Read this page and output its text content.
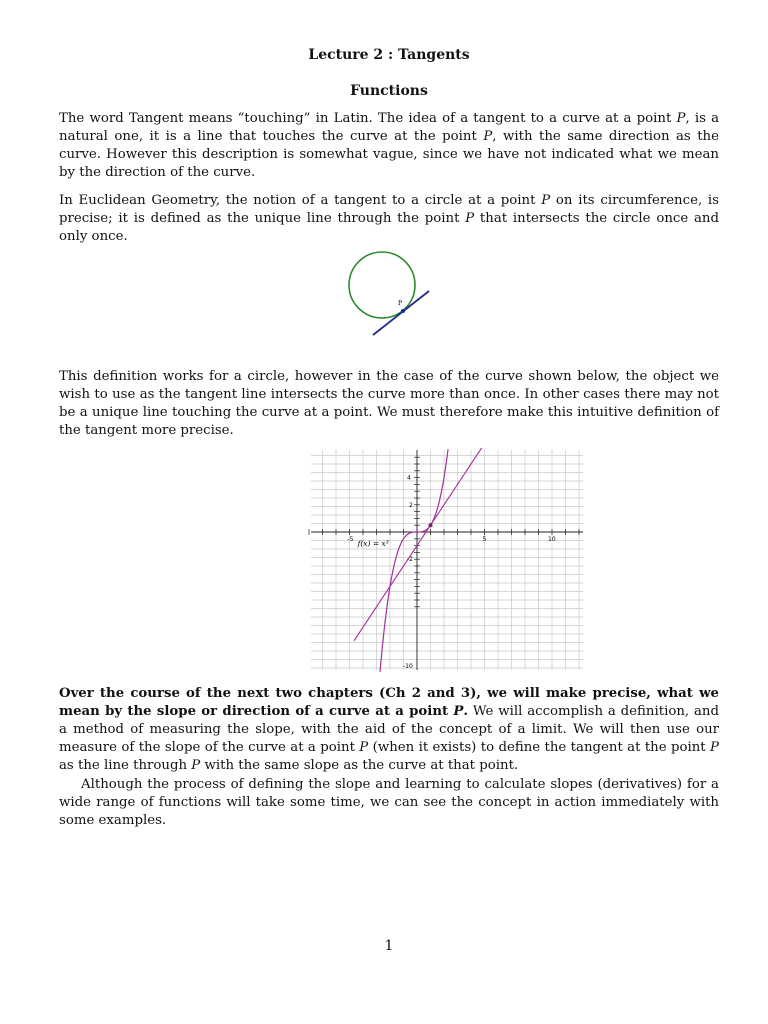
Lecture 2 : Tangents
Functions

The word Tangent means “touching” in Latin. The idea of a tangent to a curve at a point P, is a natural one, it is a line that touches the curve at the point P, with the same direction as the curve. However this description is somewhat vague, since we have not indicated what we mean by the direction of the curve.

In Euclidean Geometry, the notion of a tangent to a circle at a point P on its circumference, is precise; it is defined as the unique line through the point P that intersects the circle once and only once.

P

This definition works for a circle, however in the case of the curve shown below, the object we wish to use as the tangent line intersects the curve more than once. In other cases there may not be a unique line touching the curve at a point. We must therefore make this intuitive definition of the tangent more precise.

f(x) = x³
-5	5	10
4
2
-2
-10

Over the course of the next two chapters (Ch 2 and 3), we will make precise, what we mean by the slope or direction of a curve at a point P. We will accomplish a definition, and a method of measuring the slope, with the aid of the concept of a limit. We will then use our measure of the slope of the curve at a point P (when it exists) to define the tangent at the point P as the line through P with the same slope as the curve at that point.

Although the process of defining the slope and learning to calculate slopes (derivatives) for a wide range of functions will take some time, we can see the concept in action immediately with some examples.

1
